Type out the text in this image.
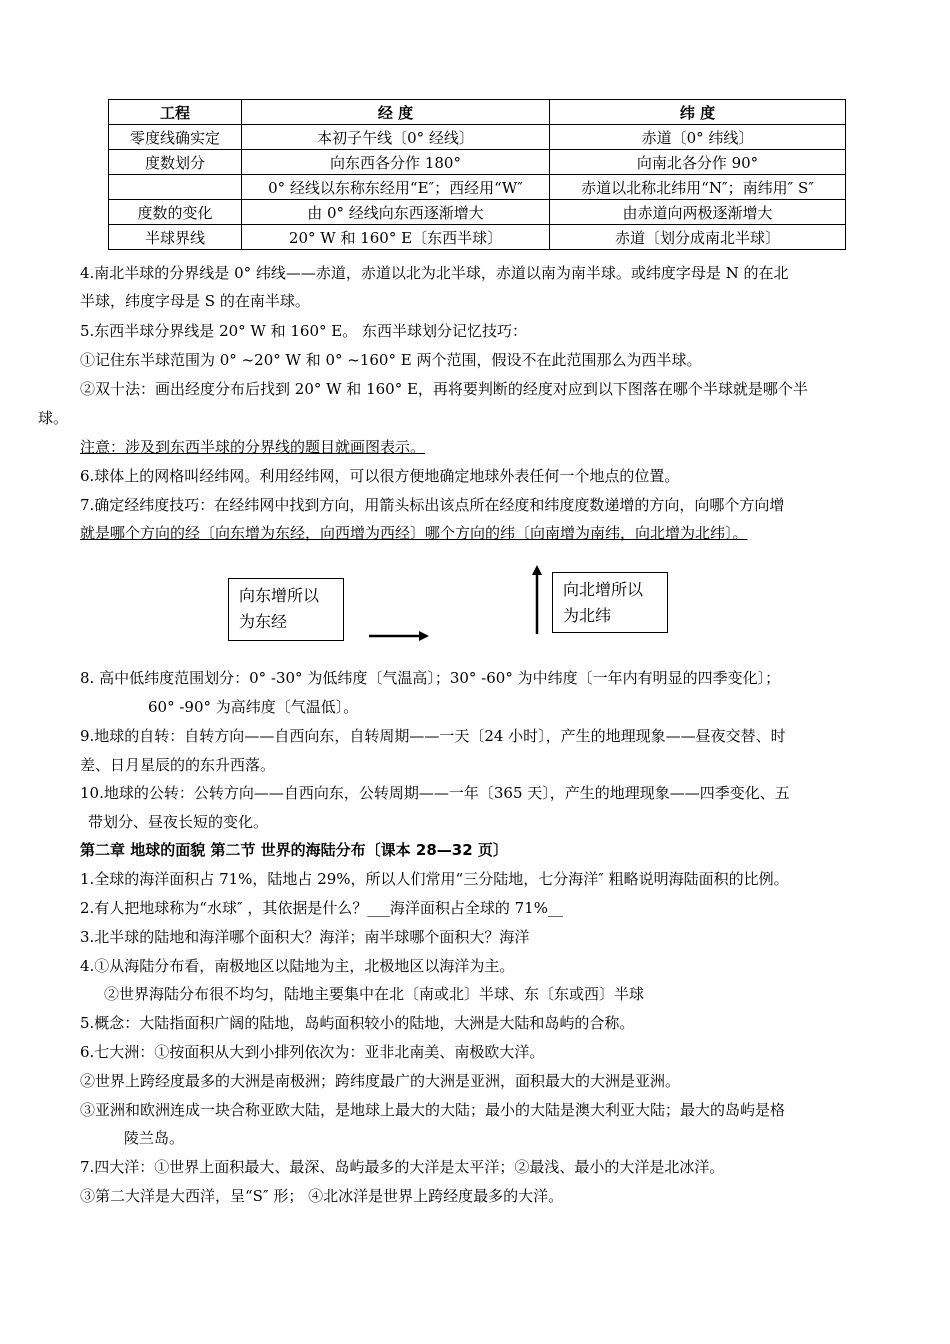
工程	经 度	纬 度
零度线确实定	本初子午线〔0° 经线〕	赤道〔0° 纬线〕
度数划分	向东西各分作 180°	向南北各分作 90°
	0° 经线以东称东经用“E″；西经用“W″	赤道以北称北纬用“N″；南纬用″ S″
度数的变化	由 0° 经线向东西逐渐增大	由赤道向两极逐渐增大
半球界线	20° W 和 160° E〔东西半球〕	赤道〔划分成南北半球〕
4.南北半球的分界线是 0° 纬线——赤道，赤道以北为北半球，赤道以南为南半球。或纬度字母是 N 的在北
半球，纬度字母是 S 的在南半球。
5.东西半球分界线是 20° W 和 160° E。 东西半球划分记忆技巧：
①记住东半球范围为 0° ~20° W 和 0° ~160° E 两个范围，假设不在此范围那么为西半球。
②双十法：画出经度分布后找到 20° W 和 160° E，再将要判断的经度对应到以下图落在哪个半球就是哪个半
球。
注意：涉及到东西半球的分界线的题目就画图表示。
6.球体上的网格叫经纬网。利用经纬网，可以很方便地确定地球外表任何一个地点的位置。
7.确定经纬度技巧：在经纬网中找到方向，用箭头标出该点所在经度和纬度度数递增的方向，向哪个方向增
就是哪个方向的经〔向东增为东经，向西增为西经〕哪个方向的纬〔向南增为南纬，向北增为北纬〕。
向东增所以为东经
向北增所以为北纬
8. 高中低纬度范围划分：0° -30° 为低纬度〔气温高〕；30° -60° 为中纬度〔一年内有明显的四季变化〕；
60° -90° 为高纬度〔气温低〕。
9.地球的自转：自转方向——自西向东，自转周期——一天〔24 小时〕，产生的地理现象——昼夜交替、时
差、日月星辰的的东升西落。
10.地球的公转：公转方向——自西向东，公转周期——一年〔365 天〕，产生的地理现象——四季变化、五
带划分、昼夜长短的变化。
第二章 地球的面貌 第二节 世界的海陆分布〔课本 28—32 页〕
1.全球的海洋面积占 71%，陆地占 29%，所以人们常用“三分陆地，七分海洋″ 粗略说明海陆面积的比例。
2.有人把地球称为“水球″ ，其依据是什么？___海洋面积占全球的 71%__
3.北半球的陆地和海洋哪个面积大？海洋；南半球哪个面积大？海洋
4.①从海陆分布看，南极地区以陆地为主，北极地区以海洋为主。
②世界海陆分布很不均匀，陆地主要集中在北〔南或北〕半球、东〔东或西〕半球
5.概念：大陆指面积广阔的陆地，岛屿面积较小的陆地，大洲是大陆和岛屿的合称。
6.七大洲：①按面积从大到小排列依次为：亚非北南美、南极欧大洋。
②世界上跨经度最多的大洲是南极洲；跨纬度最广的大洲是亚洲，面积最大的大洲是亚洲。
③亚洲和欧洲连成一块合称亚欧大陆，是地球上最大的大陆；最小的大陆是澳大利亚大陆；最大的岛屿是格
陵兰岛。
7.四大洋：①世界上面积最大、最深、岛屿最多的大洋是太平洋；②最浅、最小的大洋是北冰洋。
③第二大洋是大西洋，呈“S″ 形； ④北冰洋是世界上跨经度最多的大洋。
